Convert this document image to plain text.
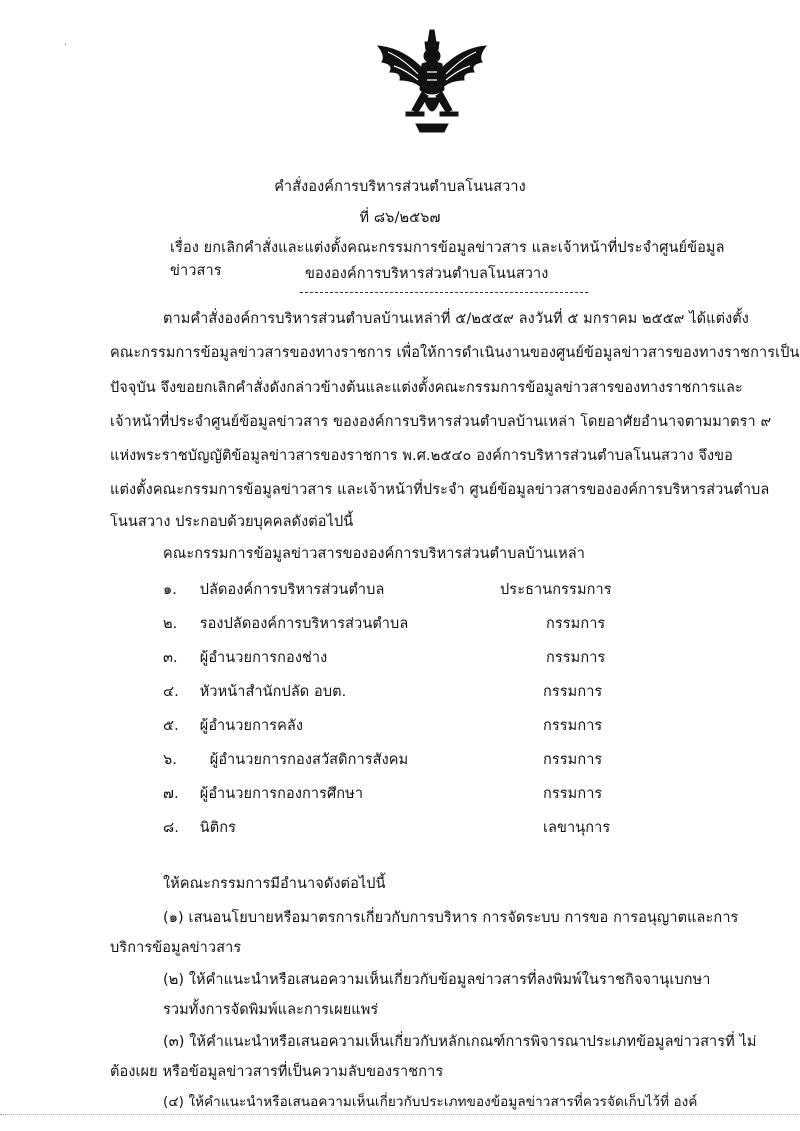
·
คำสั่งองค์การบริหารส่วนตำบลโนนสวาง
ที่ ๘๖/๒๕๖๗
เรื่อง ยกเลิกคำสั่งและแต่งตั้งคณะกรรมการข้อมูลข่าวสาร และเจ้าหน้าที่ประจำศูนย์ข้อมูลข่าวสาร	ขององค์การบริหารส่วนตำบลโนนสวาง
ตามคำสั่งองค์การบริหารส่วนตำบลบ้านเหล่าที่ ๕/๒๕๕๙ ลงวันที่ ๕ มกราคม ๒๕๕๙ ได้แต่งตั้ง
คณะกรรมการข้อมูลข่าวสารของทางราชการ เพื่อให้การดำเนินงานของศูนย์ข้อมูลข่าวสารของทางราชการเป็น
ปัจจุบัน จึงขอยกเลิกคำสั่งดังกล่าวข้างต้นและแต่งตั้งคณะกรรมการข้อมูลข่าวสารของทางราชการและ
เจ้าหน้าที่ประจำศูนย์ข้อมูลข่าวสาร ขององค์การบริหารส่วนตำบลบ้านเหล่า โดยอาศัยอำนาจตามมาตรา ๙
แห่งพระราชบัญญัติข้อมูลข่าวสารของราชการ พ.ศ.๒๕๔๐ องค์การบริหารส่วนตำบลโนนสวาง จึงขอ
แต่งตั้งคณะกรรมการข้อมูลข่าวสาร และเจ้าหน้าที่ประจำ ศูนย์ข้อมูลข่าวสารขององค์การบริหารส่วนตำบล
โนนสวาง ประกอบด้วยบุคคลดังต่อไปนี้
คณะกรรมการข้อมูลข่าวสารขององค์การบริหารส่วนตำบลบ้านเหล่า
๑. ปลัดองค์การบริหารส่วนตำบล	ประธานกรรมการ
๒. รองปลัดองค์การบริหารส่วนตำบล	กรรมการ
๓. ผู้อำนวยการกองช่าง	กรรมการ
๔. หัวหน้าสำนักปลัด อบต.	กรรมการ
๕. ผู้อำนวยการคลัง	กรรมการ
๖. ผู้อำนวยการกองสวัสดิการสังคม	กรรมการ
๗. ผู้อำนวยการกองการศึกษา	กรรมการ
๘. นิติกร	เลขานุการ
ให้คณะกรรมการมีอำนาจดังต่อไปนี้
(๑) เสนอนโยบายหรือมาตรการเกี่ยวกับการบริหาร การจัดระบบ การขอ การอนุญาตและการ
บริการข้อมูลข่าวสาร
(๒) ให้คำแนะนำหรือเสนอความเห็นเกี่ยวกับข้อมูลข่าวสารที่ลงพิมพ์ในราชกิจจานุเบกษา
รวมทั้งการจัดพิมพ์และการเผยแพร่
(๓) ให้คำแนะนำหรือเสนอความเห็นเกี่ยวกับหลักเกณฑ์การพิจารณาประเภทข้อมูลข่าวสารที่ ไม่
ต้องเผย หรือข้อมูลข่าวสารที่เป็นความลับของราชการ
(๔) ให้คำแนะนำหรือเสนอความเห็นเกี่ยวกับประเภทของข้อมูลข่าวสารที่ควรจัดเก็บไว้ที่ องค์
